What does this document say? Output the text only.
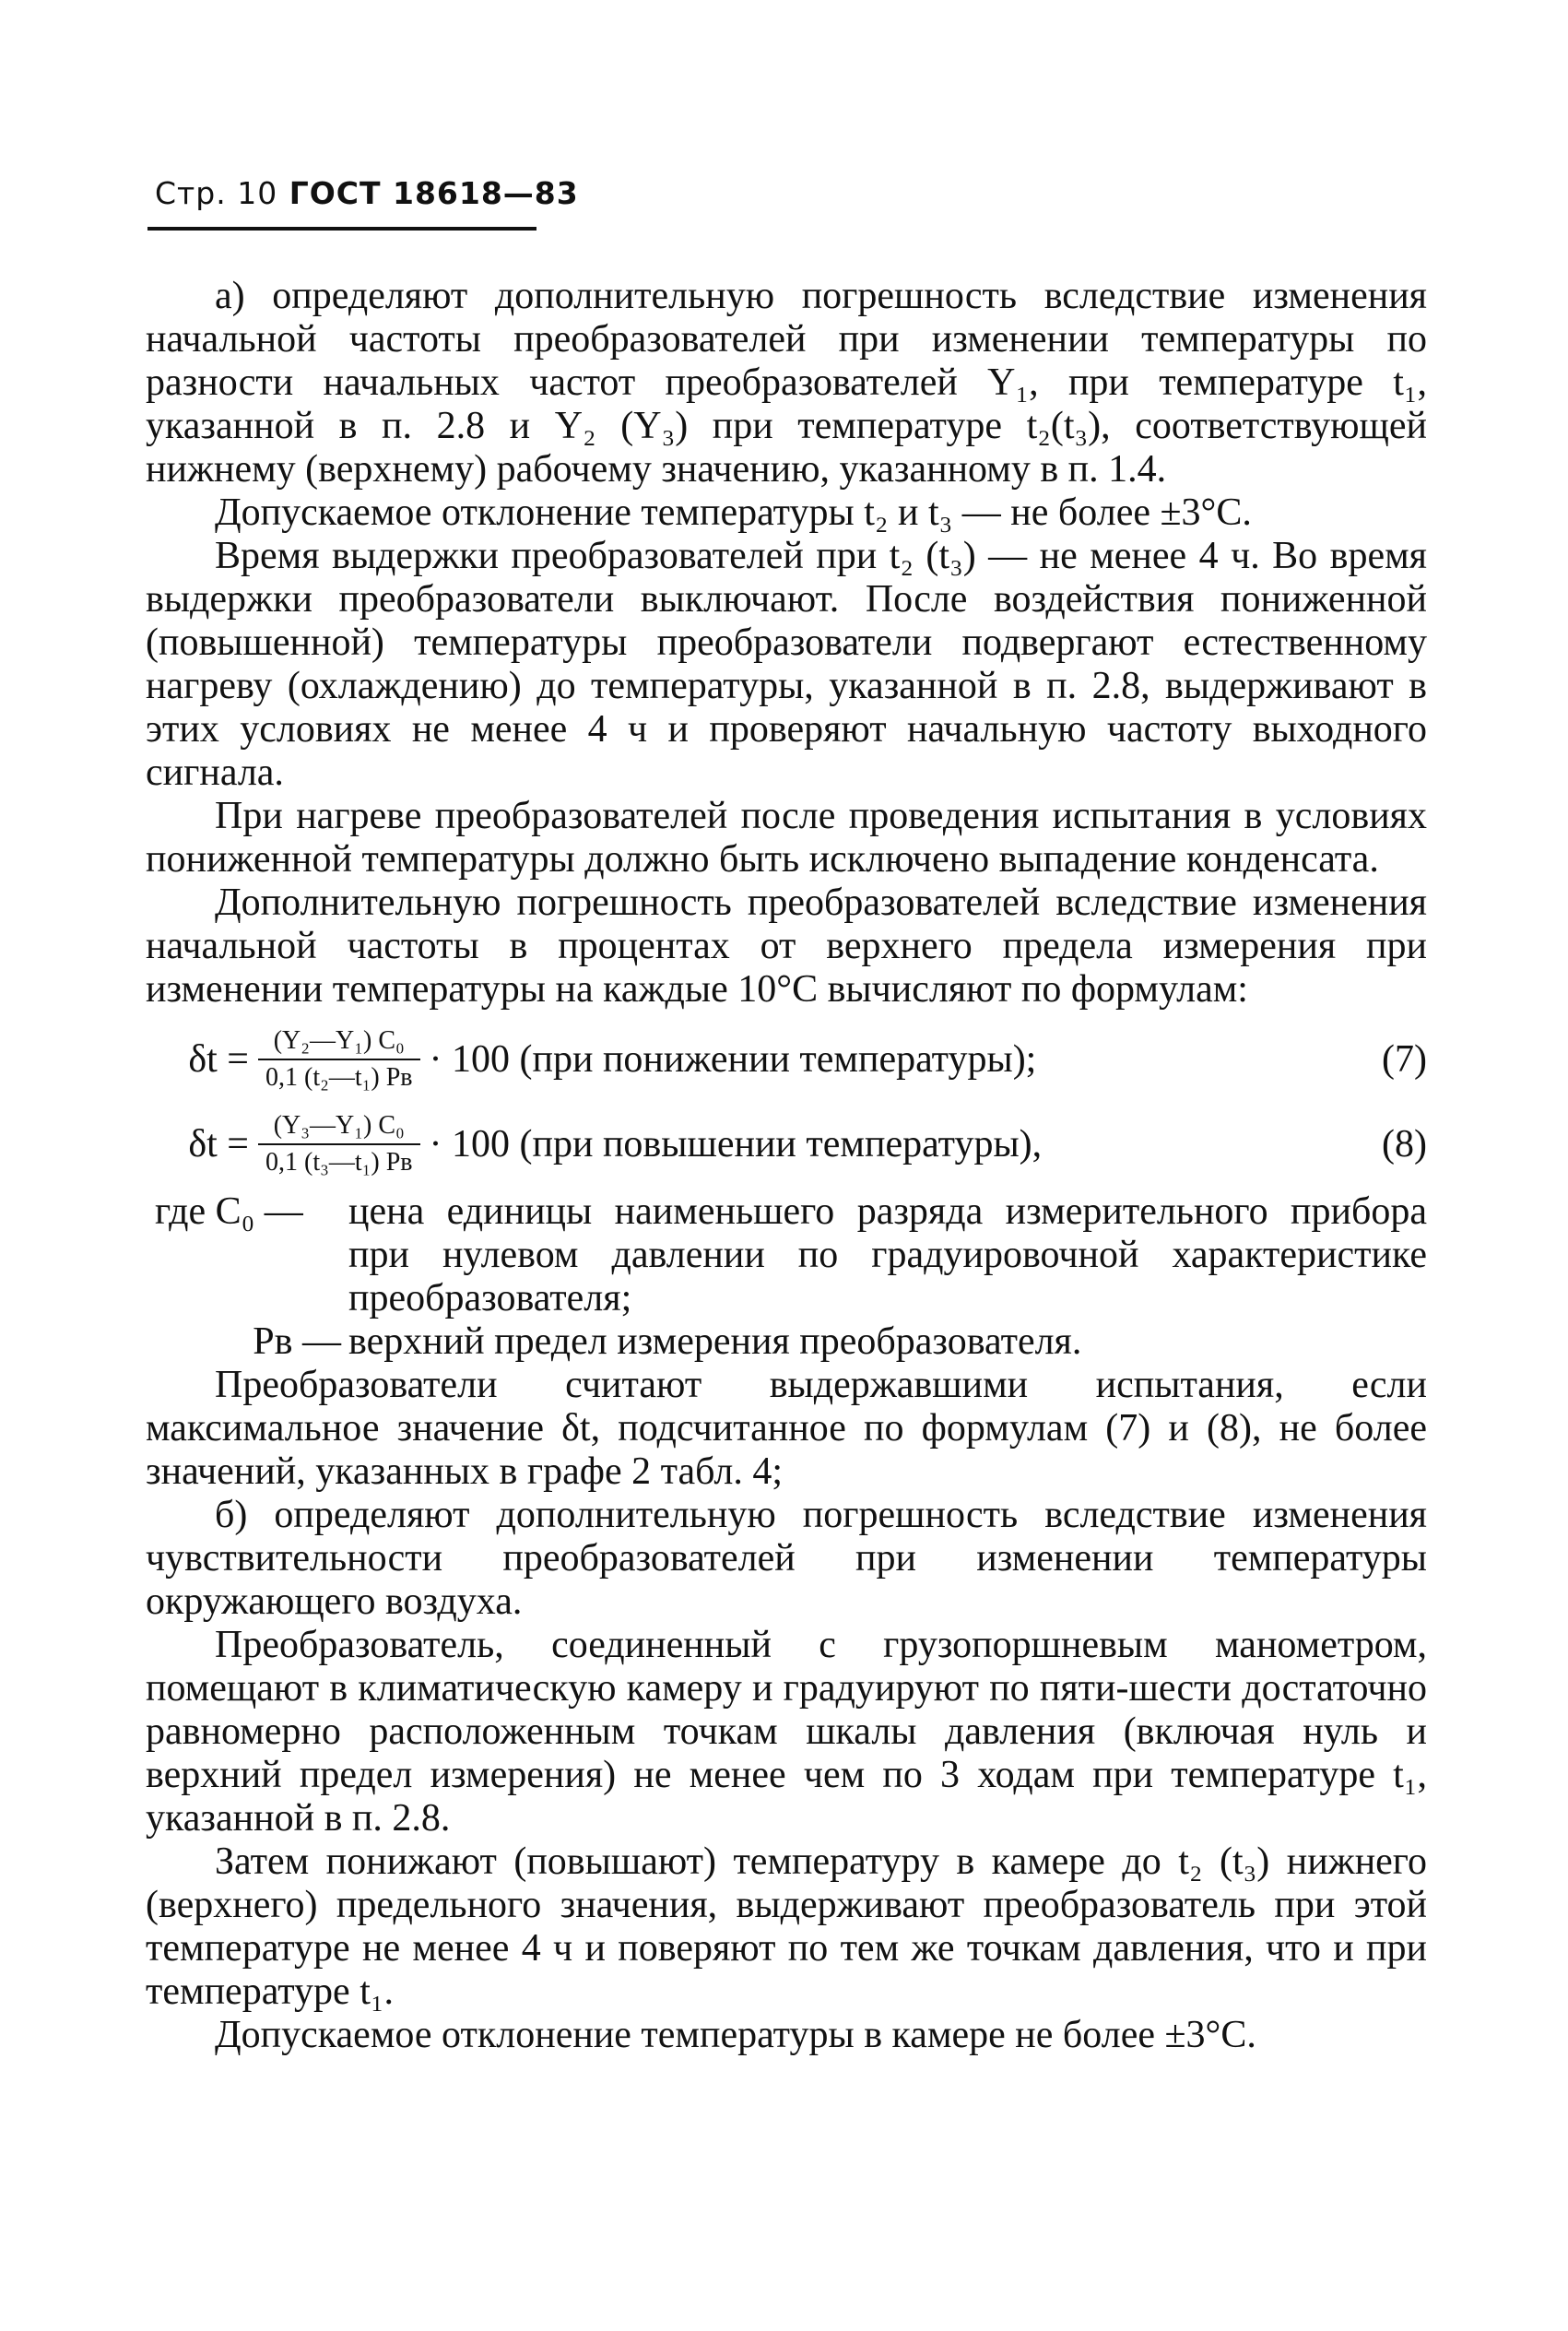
Стр. 10 ГОСТ 18618—83

а) определяют дополнительную погрешность вследствие изменения начальной частоты преобразователей при изменении температуры по разности начальных частот преобразователей Y₁, при температуре t₁, указанной в п. 2.8 и Y₂ (Y₃) при температуре t₂(t₃), соответствующей нижнему (верхнему) рабочему значению, указанному в п. 1.4.

Допускаемое отклонение температуры t₂ и t₃ — не более ±3°С.

Время выдержки преобразователей при t₂ (t₃) — не менее 4 ч. Во время выдержки преобразователи выключают. После воздействия пониженной (повышенной) температуры преобразователи подвергают естественному нагреву (охлаждению) до температуры, указанной в п. 2.8, выдерживают в этих условиях не менее 4 ч и проверяют начальную частоту выходного сигнала.

При нагреве преобразователей после проведения испытания в условиях пониженной температуры должно быть исключено выпадение конденсата.

Дополнительную погрешность преобразователей вследствие изменения начальной частоты в процентах от верхнего предела измерения при изменении температуры на каждые 10°С вычисляют по формулам:

$\delta t = \frac{\text{(Y₂—Y₁) C₀}}{\text{0,1 (t₂—t₁) Pв}} \cdot 100$ (при понижении температуры);	(7)
$\delta t = \frac{\text{(Y₃—Y₁) C₀}}{\text{0,1 (t₃—t₁) Pв}} \cdot 100$ (при повышении температуры),	(8)
где C₀ —	цена единицы наименьшего разряда измерительного прибора при нулевом давлении по градуировочной характеристике преобразователя;
Pв — верхний предел измерения преобразователя.

Преобразователи считают выдержавшими испытания, если максимальное значение δt, подсчитанное по формулам (7) и (8), не более значений, указанных в графе 2 табл. 4;

б) определяют дополнительную погрешность вследствие изменения чувствительности преобразователей при изменении температуры окружающего воздуха.

Преобразователь, соединенный с грузопоршневым манометром, помещают в климатическую камеру и градуируют по пяти-шести достаточно равномерно расположенным точкам шкалы давления (включая нуль и верхний предел измерения) не менее чем по 3 ходам при температуре t₁, указанной в п. 2.8.

Затем понижают (повышают) температуру в камере до t₂ (t₃) нижнего (верхнего) предельного значения, выдерживают преобразователь при этой температуре не менее 4 ч и поверяют по тем же точкам давления, что и при температуре t₁.

Допускаемое отклонение температуры в камере не более ±3°С.
